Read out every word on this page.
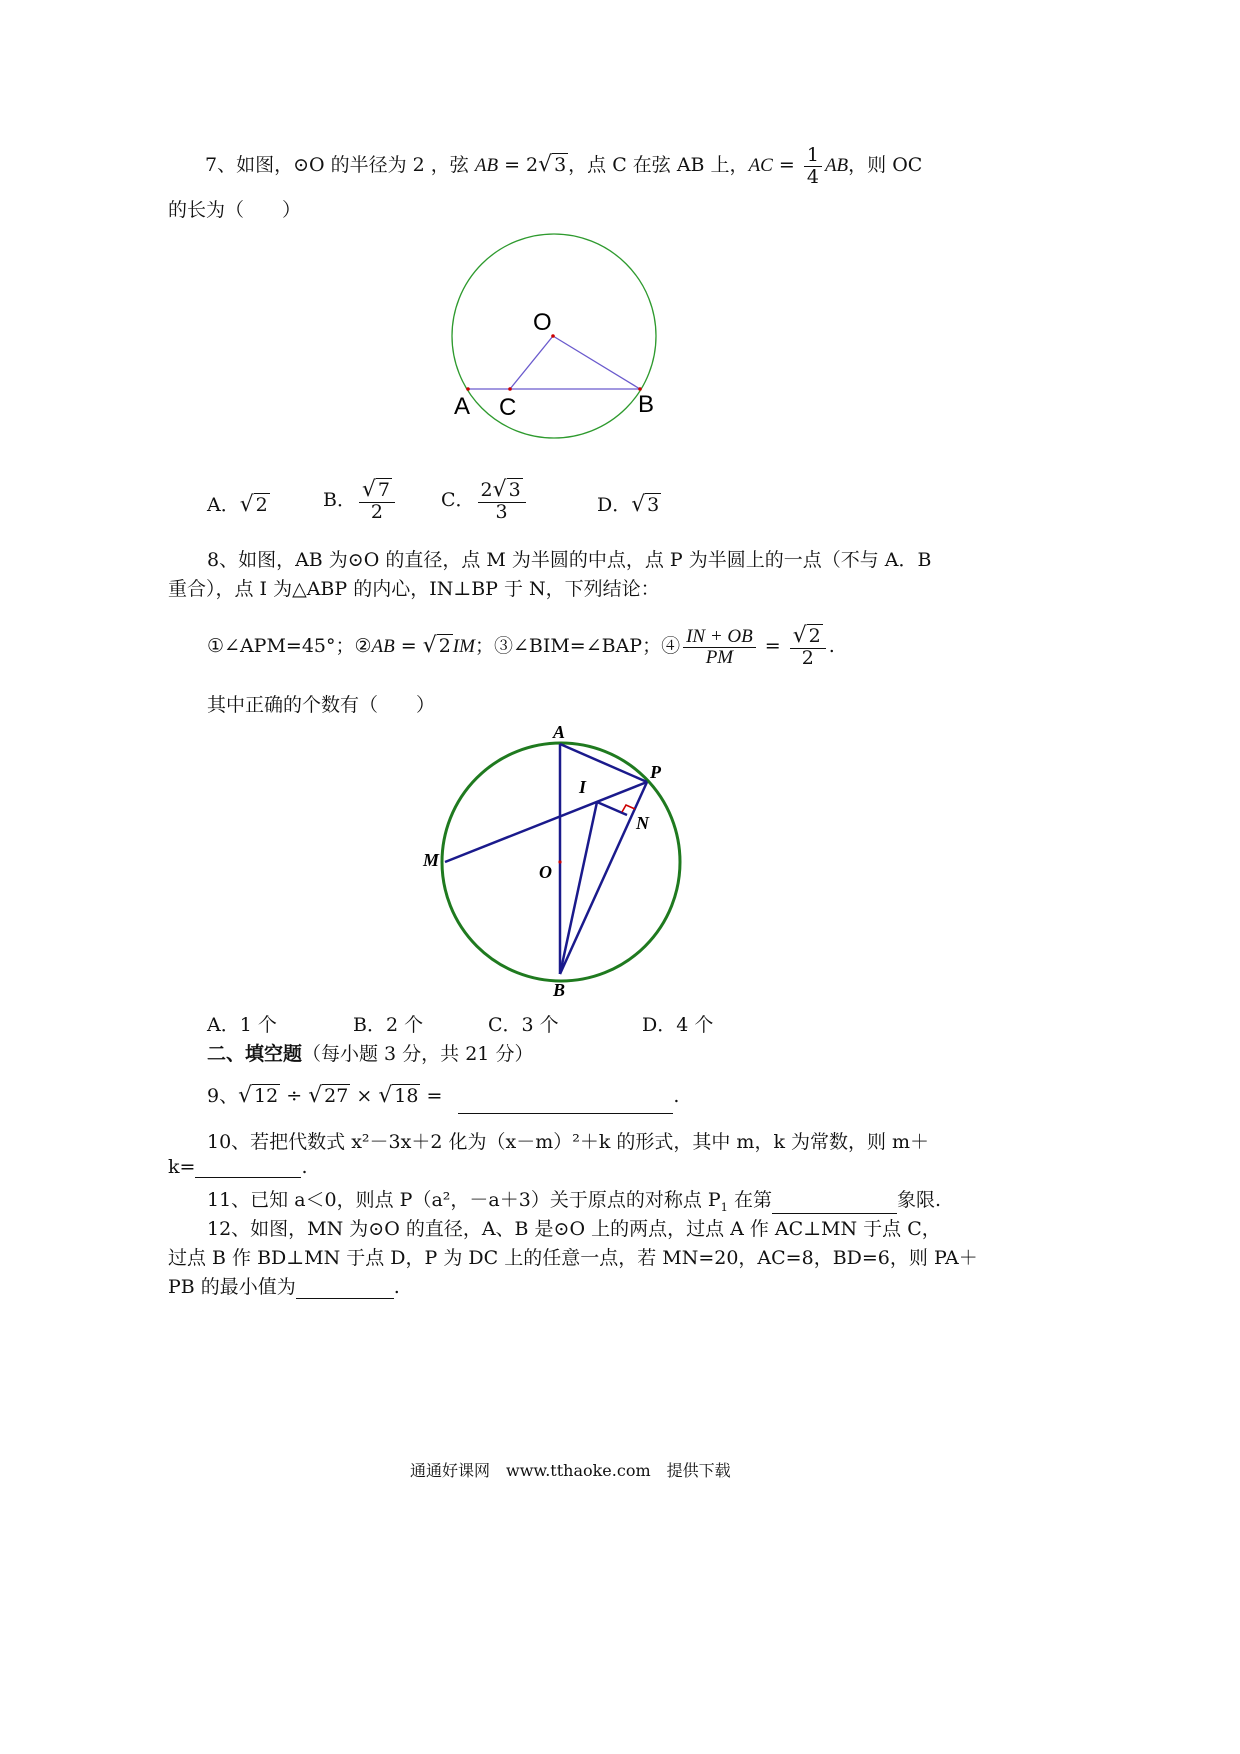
7、如图，⊙O 的半径为 2 ，弦 AB = 2√ 3 ，点 C 在弦 AB 上，AC = $\frac{1}{4}$ AB，则 OC
的长为（　　）
O
A C	B
A．√ 2	B． $\frac{√ 7}{2}$ C． $\frac{2√ 3}{3}$	D．√ 3
8、如图，AB 为⊙O 的直径，点 M 为半圆的中点，点 P 为半圆上的一点（不与 A．B
重合），点 I 为△ABP 的内心，IN⊥BP 于 N，下列结论：
①∠APM=45°；②AB = √ 2 IM；③∠BIM=∠BAP；④ $\frac{IN + OB}{PM} = \frac{√ 2}{2}$ .
其中正确的个数有（　　）
A
P
I
N
M
O
B
A．1 个	B．2 个	C．3 个	D．4 个
二、填空题（每小题 3 分，共 21 分）
9、√ 12 ÷ √ 27 × √ 18 =	.
10、若把代数式 x²－3x＋2 化为（x－m）²＋k 的形式，其中 m，k 为常数，则 m＋
k=	.
11、已知 a＜0，则点 P（a²，－a＋3）关于原点的对称点 $P_1$ 在第	象限.
12、如图，MN 为⊙O 的直径，A、B 是⊙O 上的两点，过点 A 作 AC⊥MN 于点 C，
过点 B 作 BD⊥MN 于点 D，P 为 DC 上的任意一点，若 MN=20，AC=8，BD=6，则 PA＋
PB 的最小值为	.
通通好课网　www.tthaoke.com　提供下载
